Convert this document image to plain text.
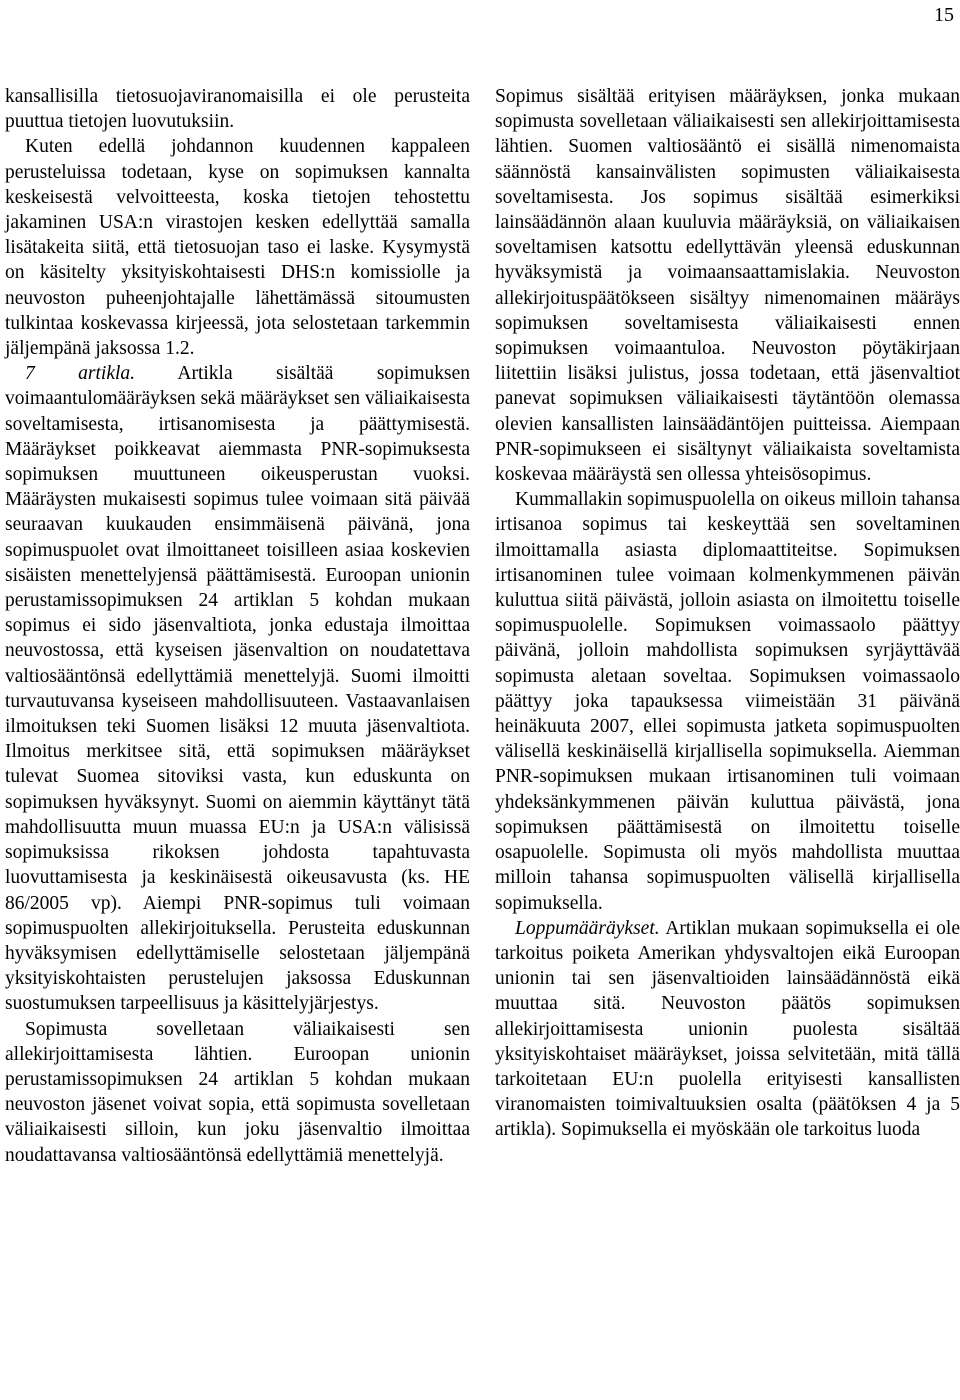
15

kansallisilla tietosuojaviranomaisilla ei ole perusteita puuttua tietojen luovutuksiin.

Kuten edellä johdannon kuudennen kappaleen perusteluissa todetaan, kyse on sopimuksen kannalta keskeisestä velvoitteesta, koska tietojen tehostettu jakaminen USA:n virastojen kesken edellyttää samalla lisätakeita siitä, että tietosuojan taso ei laske. Kysymystä on käsitelty yksityiskohtaisesti DHS:n komissiolle ja neuvoston puheenjohtajalle lähettämässä sitoumusten tulkintaa koskevassa kirjeessä, jota selostetaan tarkemmin jäljempänä jaksossa 1.2.

7 artikla. Artikla sisältää sopimuksen voimaantulomääräyksen sekä määräykset sen väliaikaisesta soveltamisesta, irtisanomisesta ja päättymisestä. Määräykset poikkeavat aiemmasta PNR-sopimuksesta sopimuksen muuttuneen oikeusperustan vuoksi. Määräysten mukaisesti sopimus tulee voimaan sitä päivää seuraavan kuukauden ensimmäisenä päivänä, jona sopimuspuolet ovat ilmoittaneet toisilleen asiaa koskevien sisäisten menettelyjensä päättämisestä. Euroopan unionin perustamissopimuksen 24 artiklan 5 kohdan mukaan sopimus ei sido jäsenvaltiota, jonka edustaja ilmoittaa neuvostossa, että kyseisen jäsenvaltion on noudatettava valtiosääntönsä edellyttämiä menettelyjä. Suomi ilmoitti turvautuvansa kyseiseen mahdollisuuteen. Vastaavanlaisen ilmoituksen teki Suomen lisäksi 12 muuta jäsenvaltiota. Ilmoitus merkitsee sitä, että sopimuksen määräykset tulevat Suomea sitoviksi vasta, kun eduskunta on sopimuksen hyväksynyt. Suomi on aiemmin käyttänyt tätä mahdollisuutta muun muassa EU:n ja USA:n välisissä sopimuksissa rikoksen johdosta tapahtuvasta luovuttamisesta ja keskinäisestä oikeusavusta (ks. HE 86/2005 vp). Aiempi PNR-sopimus tuli voimaan sopimuspuolten allekirjoituksella. Perusteita eduskunnan hyväksymisen edellyttämiselle selostetaan jäljempänä yksityiskohtaisten perustelujen jaksossa Eduskunnan suostumuksen tarpeellisuus ja käsittelyjärjestys.

Sopimusta sovelletaan väliaikaisesti sen allekirjoittamisesta lähtien. Euroopan unionin perustamissopimuksen 24 artiklan 5 kohdan mukaan neuvoston jäsenet voivat sopia, että sopimusta sovelletaan väliaikaisesti silloin, kun joku jäsenvaltio ilmoittaa noudattavansa valtiosääntönsä edellyttämiä menettelyjä.

Sopimus sisältää erityisen määräyksen, jonka mukaan sopimusta sovelletaan väliaikaisesti sen allekirjoittamisesta lähtien. Suomen valtiosääntö ei sisällä nimenomaista säännöstä kansainvälisten sopimusten väliaikaisesta soveltamisesta. Jos sopimus sisältää esimerkiksi lainsäädännön alaan kuuluvia määräyksiä, on väliaikaisen soveltamisen katsottu edellyttävän yleensä eduskunnan hyväksymistä ja voimaansaattamislakia. Neuvoston allekirjoituspäätökseen sisältyy nimenomainen määräys sopimuksen soveltamisesta väliaikaisesti ennen sopimuksen voimaantuloa. Neuvoston pöytäkirjaan liitettiin lisäksi julistus, jossa todetaan, että jäsenvaltiot panevat sopimuksen väliaikaisesti täytäntöön olemassa olevien kansallisten lainsäädäntöjen puitteissa. Aiempaan PNR-sopimukseen ei sisältynyt väliaikaista soveltamista koskevaa määräystä sen ollessa yhteisösopimus.

Kummallakin sopimuspuolella on oikeus milloin tahansa irtisanoa sopimus tai keskeyttää sen soveltaminen ilmoittamalla asiasta diplomaattiteitse. Sopimuksen irtisanominen tulee voimaan kolmenkymmenen päivän kuluttua siitä päivästä, jolloin asiasta on ilmoitettu toiselle sopimuspuolelle. Sopimuksen voimassaolo päättyy päivänä, jolloin mahdollista sopimuksen syrjäyttävää sopimusta aletaan soveltaa. Sopimuksen voimassaolo päättyy joka tapauksessa viimeistään 31 päivänä heinäkuuta 2007, ellei sopimusta jatketa sopimuspuolten välisellä keskinäisellä kirjallisella sopimuksella. Aiemman PNR-sopimuksen mukaan irtisanominen tuli voimaan yhdeksänkymmenen päivän kuluttua päivästä, jona sopimuksen päättämisestä on ilmoitettu toiselle osapuolelle. Sopimusta oli myös mahdollista muuttaa milloin tahansa sopimuspuolten välisellä kirjallisella sopimuksella.

Loppumääräykset. Artiklan mukaan sopimuksella ei ole tarkoitus poiketa Amerikan yhdysvaltojen eikä Euroopan unionin tai sen jäsenvaltioiden lainsäädännöstä eikä muuttaa sitä. Neuvoston päätös sopimuksen allekirjoittamisesta unionin puolesta sisältää yksityiskohtaiset määräykset, joissa selvitetään, mitä tällä tarkoitetaan EU:n puolella erityisesti kansallisten viranomaisten toimivaltuuksien osalta (päätöksen 4 ja 5 artikla). Sopimuksella ei myöskään ole tarkoitus luoda
